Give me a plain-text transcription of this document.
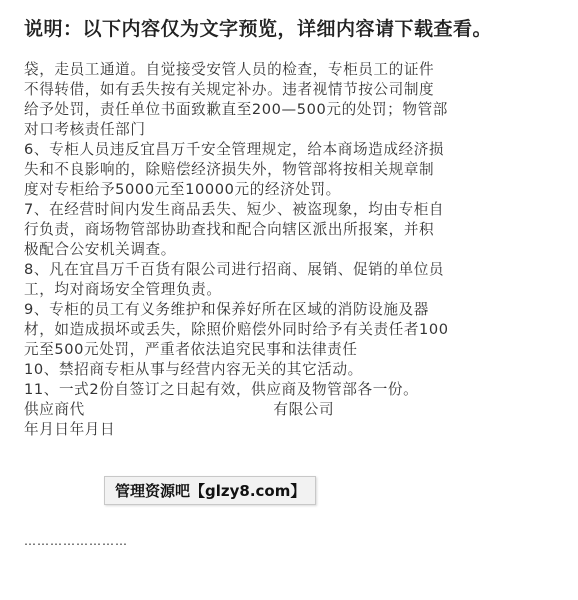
说明：以下内容仅为文字预览，详细内容请下载查看。
袋，走员工通道。自觉接受安管人员的检查，专柜员工的证件
不得转借，如有丢失按有关规定补办。违者视情节按公司制度
给予处罚，责任单位书面致歉直至200—500元的处罚；物管部
对口考核责任部门
6、专柜人员违反宜昌万千安全管理规定，给本商场造成经济损
失和不良影响的，除赔偿经济损失外，物管部将按相关规章制
度对专柜给予5000元至10000元的经济处罚。
7、在经营时间内发生商品丢失、短少、被盗现象，均由专柜自
行负责，商场物管部协助查找和配合向辖区派出所报案，并积
极配合公安机关调查。
8、凡在宜昌万千百货有限公司进行招商、展销、促销的单位员
工，均对商场安全管理负责。
9、专柜的员工有义务维护和保养好所在区域的消防设施及器
材，如造成损坏或丢失，除照价赔偿外同时给予有关责任者100
元至500元处罚，严重者依法追究民事和法律责任
10、禁招商专柜从事与经营内容无关的其它活动。
11、一式2份自签订之日起有效，供应商及物管部各一份。
供应商代                                    有限公司
年月日年月日
管理资源吧【glzy8.com】
……………………
